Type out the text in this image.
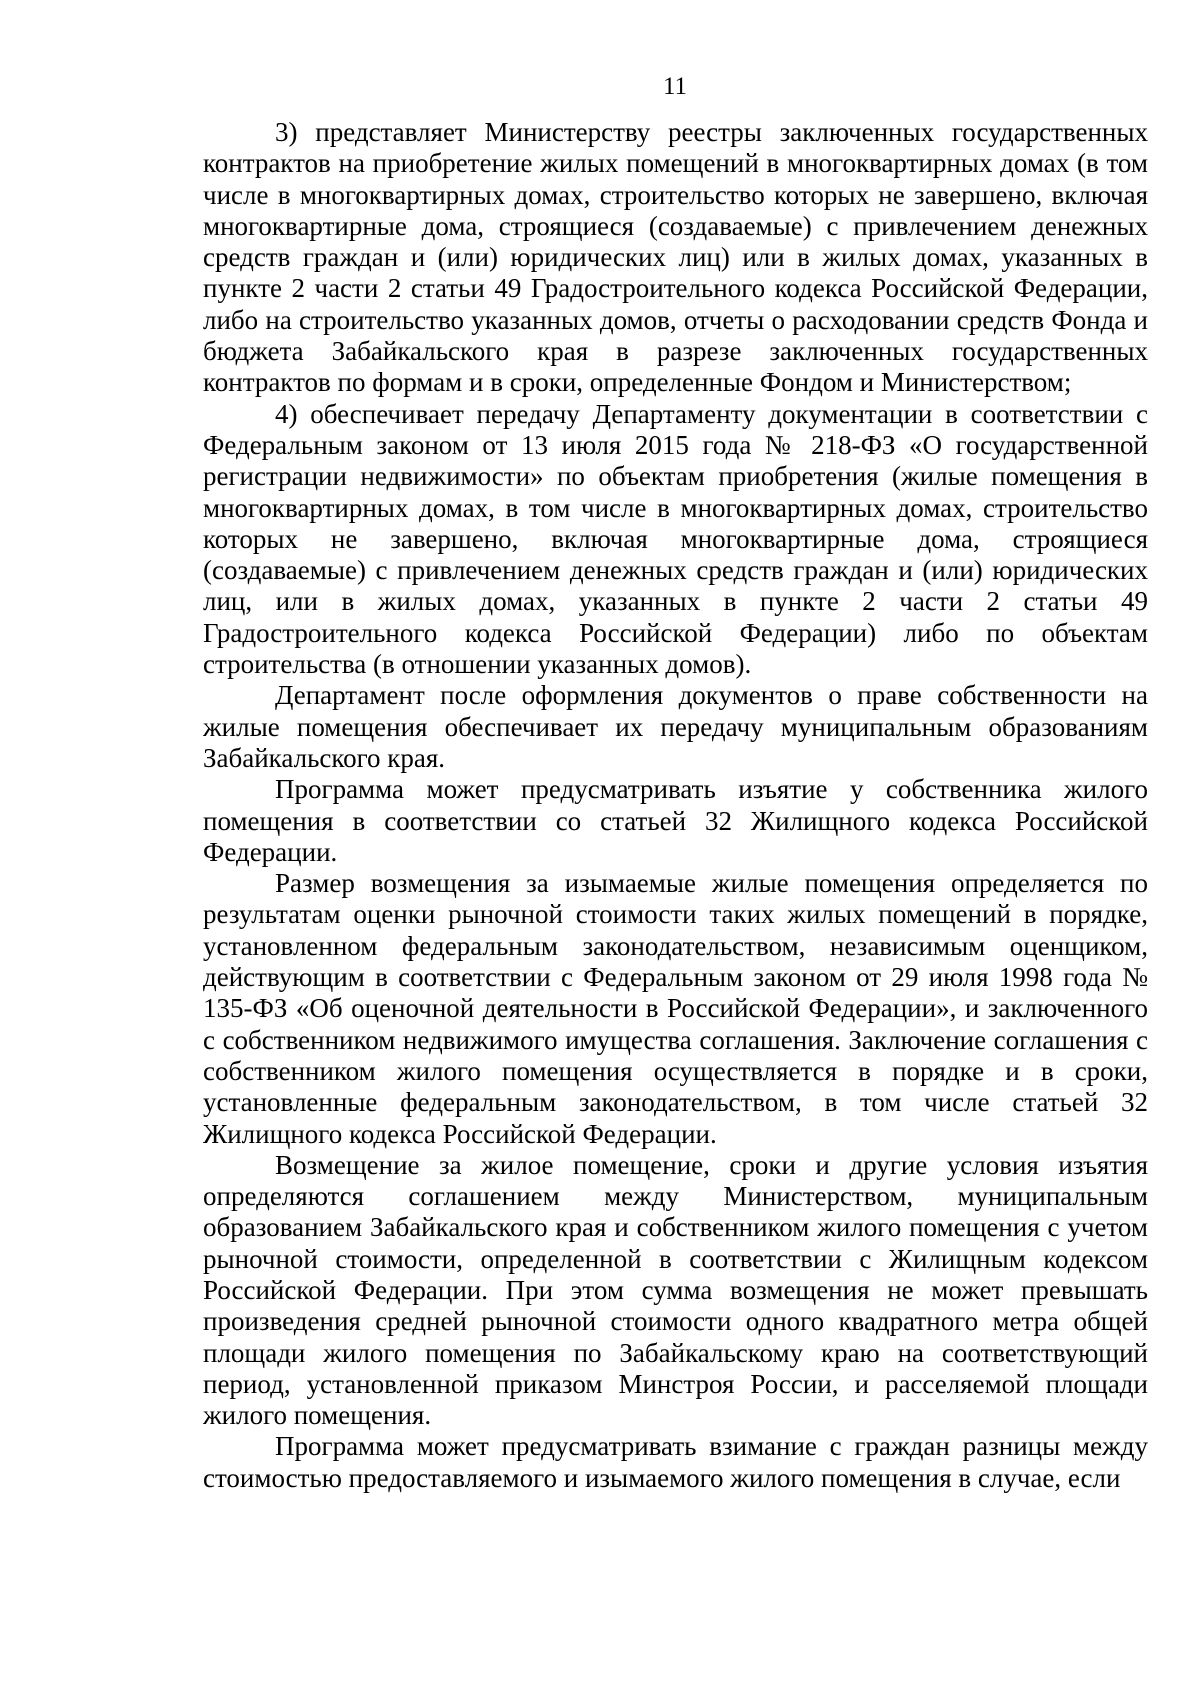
11

3) представляет Министерству реестры заключенных государственных контрактов на приобретение жилых помещений в многоквартирных домах (в том числе в многоквартирных домах, строительство которых не завершено, включая многоквартирные дома, строящиеся (создаваемые) с привлечением денежных средств граждан и (или) юридических лиц) или в жилых домах, указанных в пункте 2 части 2 статьи 49 Градостроительного кодекса Российской Федерации, либо на строительство указанных домов, отчеты о расходовании средств Фонда и бюджета Забайкальского края в разрезе заключенных государственных контрактов по формам и в сроки, определенные Фондом и Министерством;

4) обеспечивает передачу Департаменту документации в соответствии с Федеральным законом от 13 июля 2015 года № 218-ФЗ «О государственной регистрации недвижимости» по объектам приобретения (жилые помещения в многоквартирных домах, в том числе в многоквартирных домах, строительство которых не завершено, включая многоквартирные дома, строящиеся (создаваемые) с привлечением денежных средств граждан и (или) юридических лиц, или в жилых домах, указанных в пункте 2 части 2 статьи 49 Градостроительного кодекса Российской Федерации) либо по объектам строительства (в отношении указанных домов).

Департамент после оформления документов о праве собственности на жилые помещения обеспечивает их передачу муниципальным образованиям Забайкальского края.

Программа может предусматривать изъятие у собственника жилого помещения в соответствии со статьей 32 Жилищного кодекса Российской Федерации.

Размер возмещения за изымаемые жилые помещения определяется по результатам оценки рыночной стоимости таких жилых помещений в порядке, установленном федеральным законодательством, независимым оценщиком, действующим в соответствии с Федеральным законом от 29 июля 1998 года № 135-ФЗ «Об оценочной деятельности в Российской Федерации», и заключенного с собственником недвижимого имущества соглашения. Заключение соглашения с собственником жилого помещения осуществляется в порядке и в сроки, установленные федеральным законодательством, в том числе статьей 32 Жилищного кодекса Российской Федерации.

Возмещение за жилое помещение, сроки и другие условия изъятия определяются соглашением между Министерством, муниципальным образованием Забайкальского края и собственником жилого помещения с учетом рыночной стоимости, определенной в соответствии с Жилищным кодексом Российской Федерации. При этом сумма возмещения не может превышать произведения средней рыночной стоимости одного квадратного метра общей площади жилого помещения по Забайкальскому краю на соответствующий период, установленной приказом Минстроя России, и расселяемой площади жилого помещения.

Программа может предусматривать взимание с граждан разницы между стоимостью предоставляемого и изымаемого жилого помещения в случае, если
